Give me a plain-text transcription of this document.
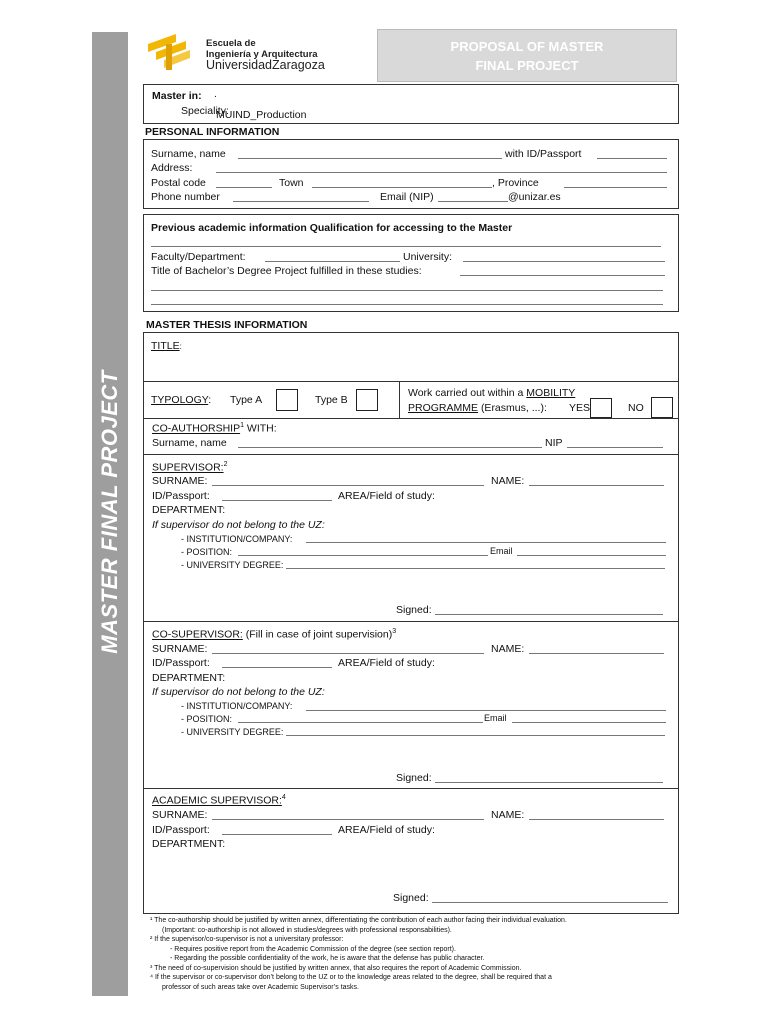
MASTER FINAL PROJECT
Escuela de
Ingeniería y Arquitectura
UniversidadZaragoza
PROPOSAL OF MASTER
FINAL PROJECT
Master in: .
Speciality:
MUIND_Production
PERSONAL INFORMATION
Surname, name	with ID/Passport
Address:
Postal code	Town	, Province
Phone number	Email (NIP)	@unizar.es
Previous academic information Qualification for accessing to the Master
Faculty/Department:	University:
Title of Bachelor’s Degree Project fulfilled in these studies:
MASTER THESIS INFORMATION
TITLE:
TYPOLOGY: Type A	Type B
Work carried out within a MOBILITY
PROGRAMME (Erasmus, ...): YES	NO
CO-AUTHORSHIP$^1$ WITH:
Surname, name	NIP
SUPERVISOR:$^2$
SURNAME:	NAME:
ID/Passport:	AREA/Field of study:
DEPARTMENT:
If supervisor do not belong to the UZ:
- INSTITUTION/COMPANY:
- POSITION:	Email
- UNIVERSITY DEGREE:
Signed:
CO-SUPERVISOR: (Fill in case of joint supervision)$^3$
SURNAME:	NAME:
ID/Passport:	AREA/Field of study:
DEPARTMENT:
If supervisor do not belong to the UZ:
- INSTITUTION/COMPANY:
- POSITION:	Email
- UNIVERSITY DEGREE:
Signed:
ACADEMIC SUPERVISOR:$^4$
SURNAME:	NAME:
ID/Passport:	AREA/Field of study:
DEPARTMENT:
Signed:
¹ The co-authorship should be justified by written annex, differentiating the contribution of each author facing their individual evaluation.
(Important: co-authorship is not allowed in studies/degrees with professional responsabilities).
² If the supervisor/co-supervisor is not a universitary professor:
- Requires positive report from the Academic Commission of the degree (see section report).
- Regarding the possible confidentiality of the work, he is aware that the defense has public character.
³ The need of co-supervision should be justified by written annex, that also requires the report of Academic Commission.
⁴ If the supervisor or co-supervisor don’t belong to the UZ or to the knowledge areas related to the degree, shall be required that a
professor of such areas take over Academic Supervisor’s tasks.
